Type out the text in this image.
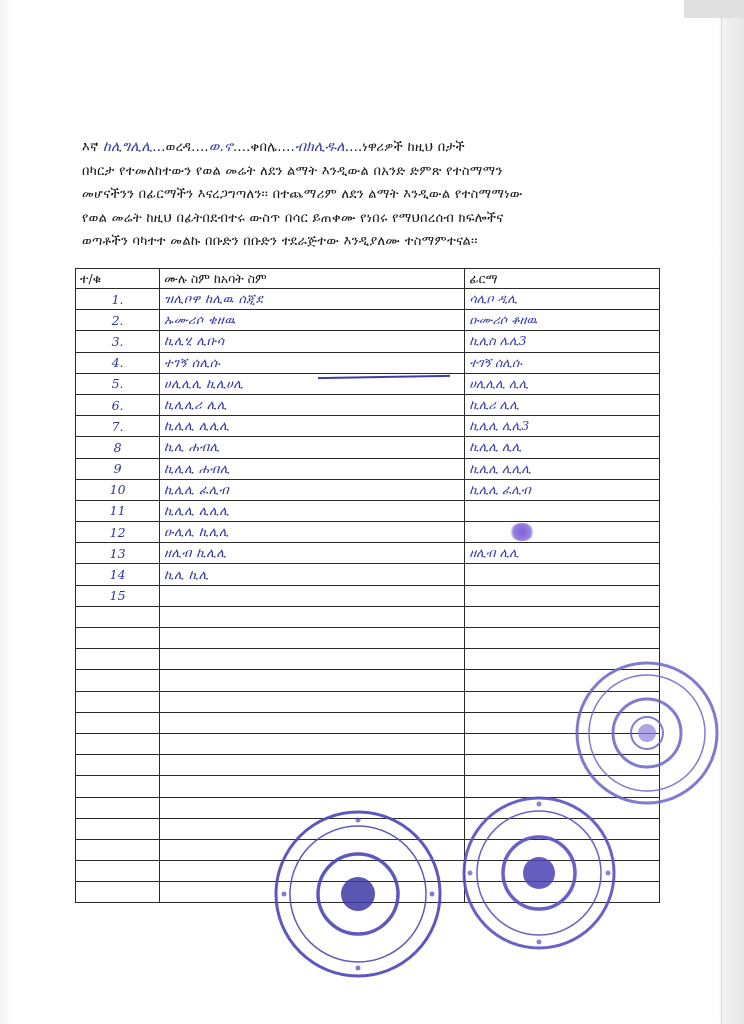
እኛ ከሊግሊሊ...ወረዳ....ወ.ኖ....ቀበሌ....ብክሊዱለ....ነዋሪዎች ከዚህ በታች
በካርታ የተመለከተውን የወል መሬት ለደን ልማት እንዲውል በአንድ ድምጽ የተስማማን
መሆናችንን በፊርማችን እናረጋግጣለን፡፡ በተጨማሪም ለደን ልማት እንዲውል የተስማማነው
የወል መሬት ከዚህ በፊትበደብተሩ ውስጥ በሳር ይጠቀሙ የነበሩ የማህበረሰብ ክፍሎችና
ወጣቶችን ባካተተ መልኩ በቡድን በቡድን ተደራጅተው እንዲያለሙ ተስማምተናል፡፡
ተ/ቁ	ሙሉ ስም ከአባት ስም	ፊርማ
1.	ዝሊቦዋ ከሊዉ ሰጂደ	ሳሊቦ ዲሊ
2.	ኡሙሪሶ ቄዘዉ	ዑሙሪሶ ቆዘዉ
3.	ኪሊሂ ሊቡሳ	ኪሊስ ሌሊ3
4.	ተገኝ ሰሊሱ	ተገኝ ሰሊሱ
5.	ሀሊሊሊ ኪሊሀሊ	ሀሊሊሊ ሊሊ
6.	ኪሊሊሪ ሊሊ	ኪሊሪ ሊሊ
7.	ኪሊሊ ሊሊሊ	ኪሊሊ ሊሊ3
8	ኪሊ ሐብሊ	ኪሊሊ ሊሊ
9	ኪሊሊ ሐብሊ	ኪሊሊ ሊሊሊ
10	ኪሊሊ ፈሊብ	ኪሊሊ ፈሊብ
11	ኪሊሊ ሊሊሊ	
12	ዑሊሊ ኪሊሊ	
13	ዘሊብ ኪሊሊ	ዘሊብ ሊሊ
14	ኪሊ ኪሊ	
15		
